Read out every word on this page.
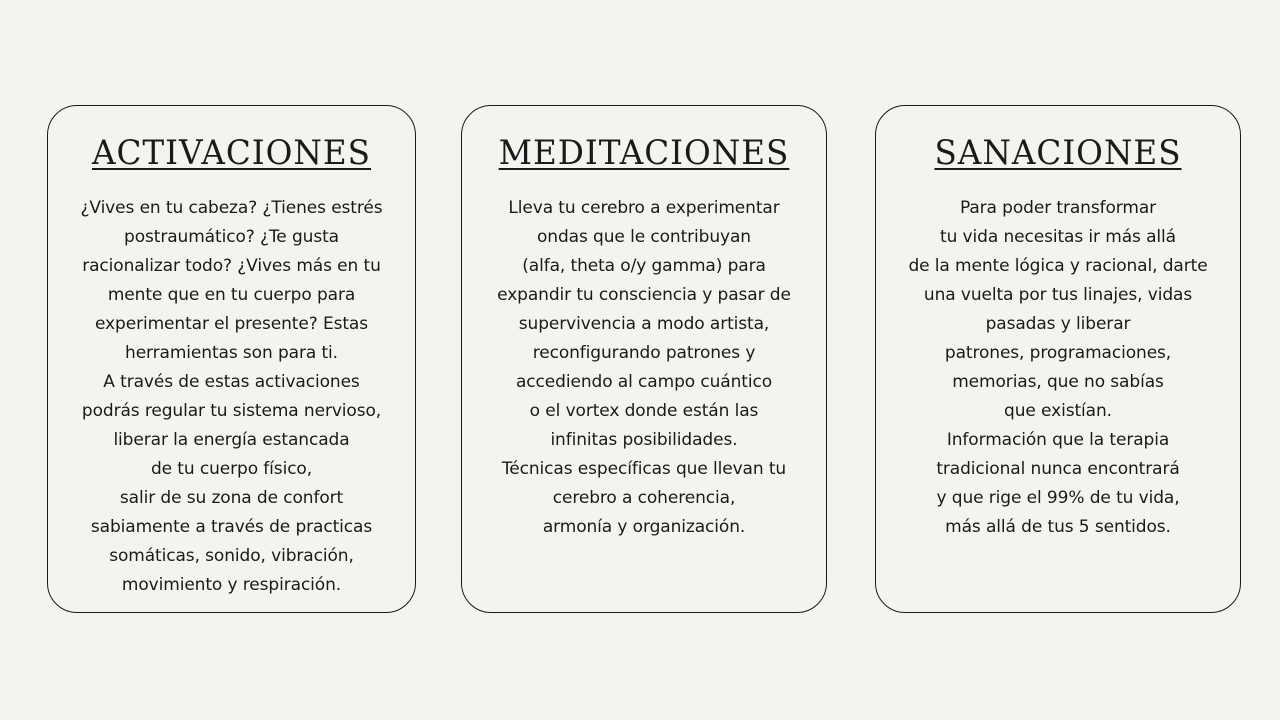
ACTIVACIONES
¿Vives en tu cabeza? ¿Tienes estrés
postraumático? ¿Te gusta
racionalizar todo? ¿Vives más en tu
mente que en tu cuerpo para
experimentar el presente? Estas
herramientas son para ti.
A través de estas activaciones
podrás regular tu sistema nervioso,
liberar la energía estancada
de tu cuerpo físico,
salir de su zona de confort
sabiamente a través de practicas
somáticas, sonido, vibración,
movimiento y respiración.
MEDITACIONES
Lleva tu cerebro a experimentar
ondas que le contribuyan
(alfa, theta o/y gamma) para
expandir tu consciencia y pasar de
supervivencia a modo artista,
reconfigurando patrones y
accediendo al campo cuántico
o el vortex donde están las
infinitas posibilidades.
Técnicas específicas que llevan tu
cerebro a coherencia,
armonía y organización.
SANACIONES
Para poder transformar
tu vida necesitas ir más allá
de la mente lógica y racional, darte
una vuelta por tus linajes, vidas
pasadas y liberar
patrones, programaciones,
memorias, que no sabías
que existían.
Información que la terapia
tradicional nunca encontrará
y que rige el 99% de tu vida,
más allá de tus 5 sentidos.
